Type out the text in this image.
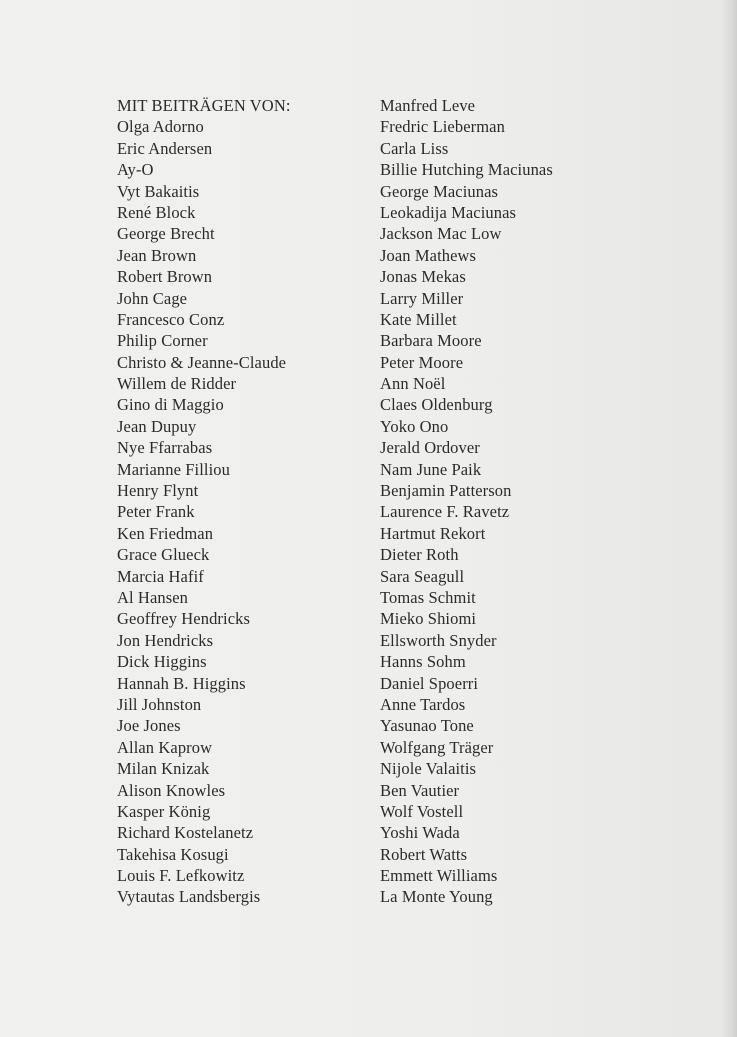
MIT BEITRÄGEN VON:
Olga Adorno
Eric Andersen
Ay-O
Vyt Bakaitis
René Block
George Brecht
Jean Brown
Robert Brown
John Cage
Francesco Conz
Philip Corner
Christo & Jeanne-Claude
Willem de Ridder
Gino di Maggio
Jean Dupuy
Nye Ffarrabas
Marianne Filliou
Henry Flynt
Peter Frank
Ken Friedman
Grace Glueck
Marcia Hafif
Al Hansen
Geoffrey Hendricks
Jon Hendricks
Dick Higgins
Hannah B. Higgins
Jill Johnston
Joe Jones
Allan Kaprow
Milan Knizak
Alison Knowles
Kasper König
Richard Kostelanetz
Takehisa Kosugi
Louis F. Lefkowitz
Vytautas Landsbergis
Manfred Leve
Fredric Lieberman
Carla Liss
Billie Hutching Maciunas
George Maciunas
Leokadija Maciunas
Jackson Mac Low
Joan Mathews
Jonas Mekas
Larry Miller
Kate Millet
Barbara Moore
Peter Moore
Ann Noël
Claes Oldenburg
Yoko Ono
Jerald Ordover
Nam June Paik
Benjamin Patterson
Laurence F. Ravetz
Hartmut Rekort
Dieter Roth
Sara Seagull
Tomas Schmit
Mieko Shiomi
Ellsworth Snyder
Hanns Sohm
Daniel Spoerri
Anne Tardos
Yasunao Tone
Wolfgang Träger
Nijole Valaitis
Ben Vautier
Wolf Vostell
Yoshi Wada
Robert Watts
Emmett Williams
La Monte Young
